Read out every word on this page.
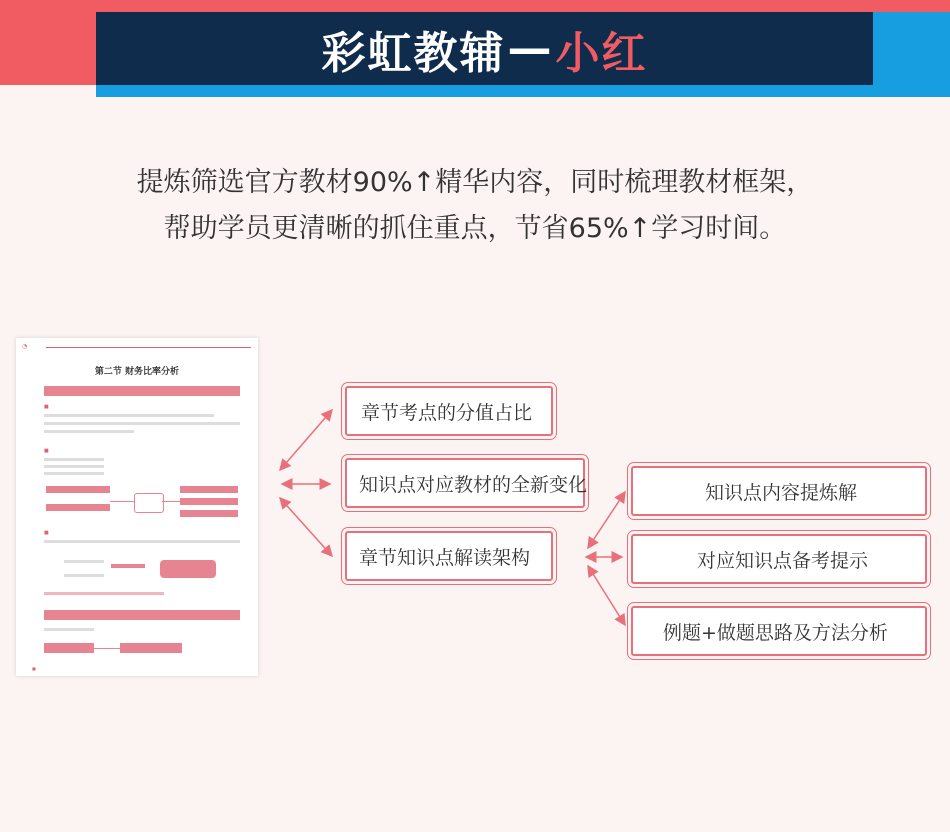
彩虹教辅 — 小红
提炼筛选官方教材90%↑精华内容，同时梳理教材框架，
帮助学员更清晰的抓住重点，节省65%↑学习时间。
◔
第二节 财务比率分析
■
■
■
■
章节考点的分值占比
知识点对应教材的全新变化
章节知识点解读架构
知识点内容提炼解
对应知识点备考提示
例题+做题思路及方法分析
